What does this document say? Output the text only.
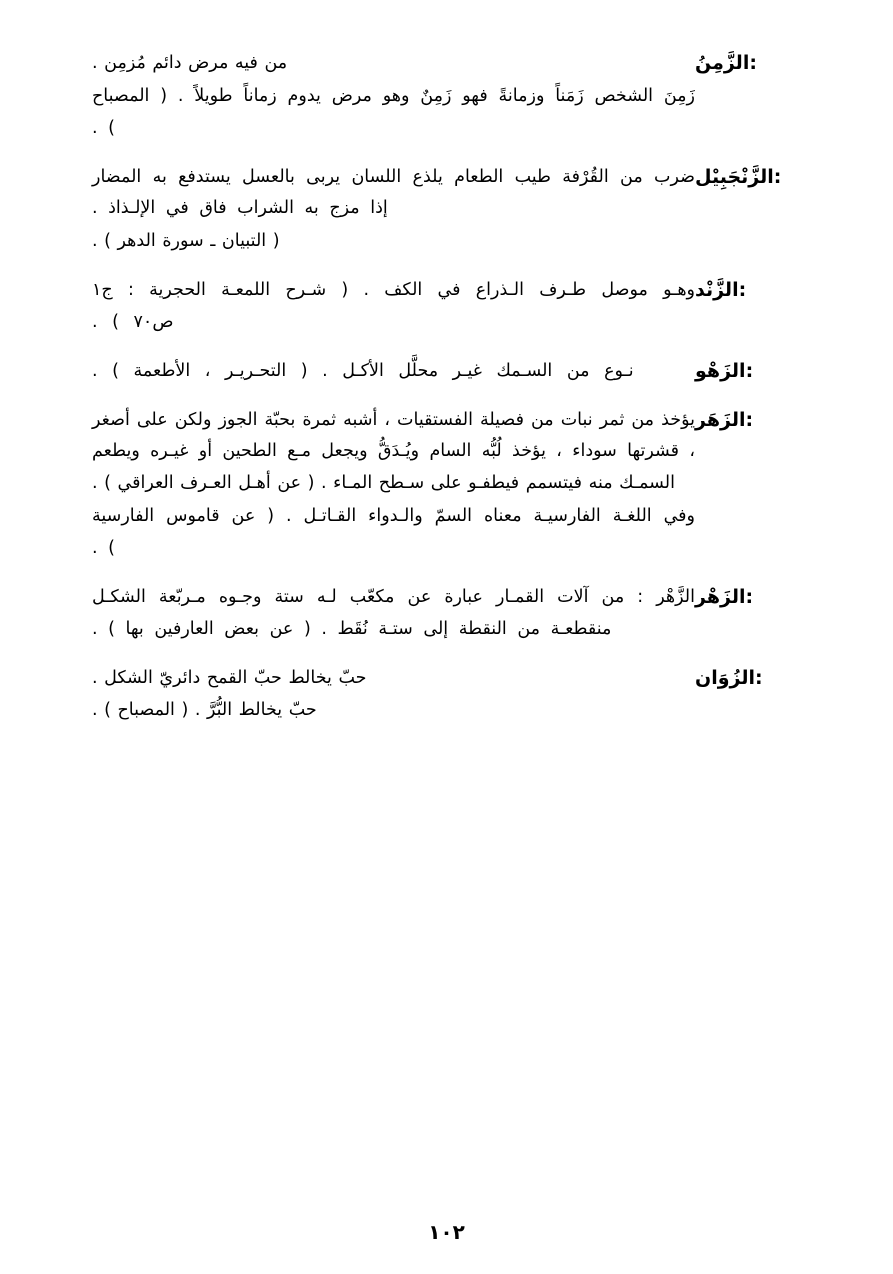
:الزَّمِنُ

من فيه مرض دائم مُزمِن .

زَمِنَ الشخص زَمَناً وزمانةً فهو زَمِنٌ وهو مرض يدوم زماناً طويلاً . ( المصباح ) .

:الزَّنْجَبِيْل

ضرب من القُرْفة طيب الطعام يلذع اللسان يربى بالعسل يستدفع به المضار إذا مزج به الشراب فاق في الإلـذاذ .

( التبيان ـ سورة الدهر ) .

:الزَّنْد

وهـو موصل طـرف الـذراع في الكف . ( شـرح اللمعـة الحجرية : ج١ ص٧٠ ) .

:الزَهْو

نـوع من السـمك غيـر محلَّل الأكـل . ( التحـريـر ، الأطعمة ) .

:الزَهَر

يؤخذ من ثمر نبات من فصيلة الفستقيات ، أشبه ثمرة بحبّة الجوز ولكن على أصغر ، قشرتها سوداء ، يؤخذ لُبُّه السام ويُـدَقُّ ويجعل مـع الطحين أو غيـره ويطعم السمـك منه فيتسمم فيطفـو على سـطح المـاء . ( عن أهـل العـرف العراقي ) .

وفي اللغـة الفارسيـة معناه السمّ والـدواء القـاتـل . ( عن قاموس الفارسية ) .

:الزَهْر

الزَّهْر : من آلات القمـار عبارة عن مكعّب لـه ستة وجـوه مـربّعة الشكـل منقطعـة من النقطة إلى ستـة نُقَط . ( عن بعض العارفين بها ) .

:الزُوَان

حبّ يخالط حبّ القمح دائريّ الشكل .

حبّ يخالط البُّرَّ . ( المصباح ) .

١٠٢
